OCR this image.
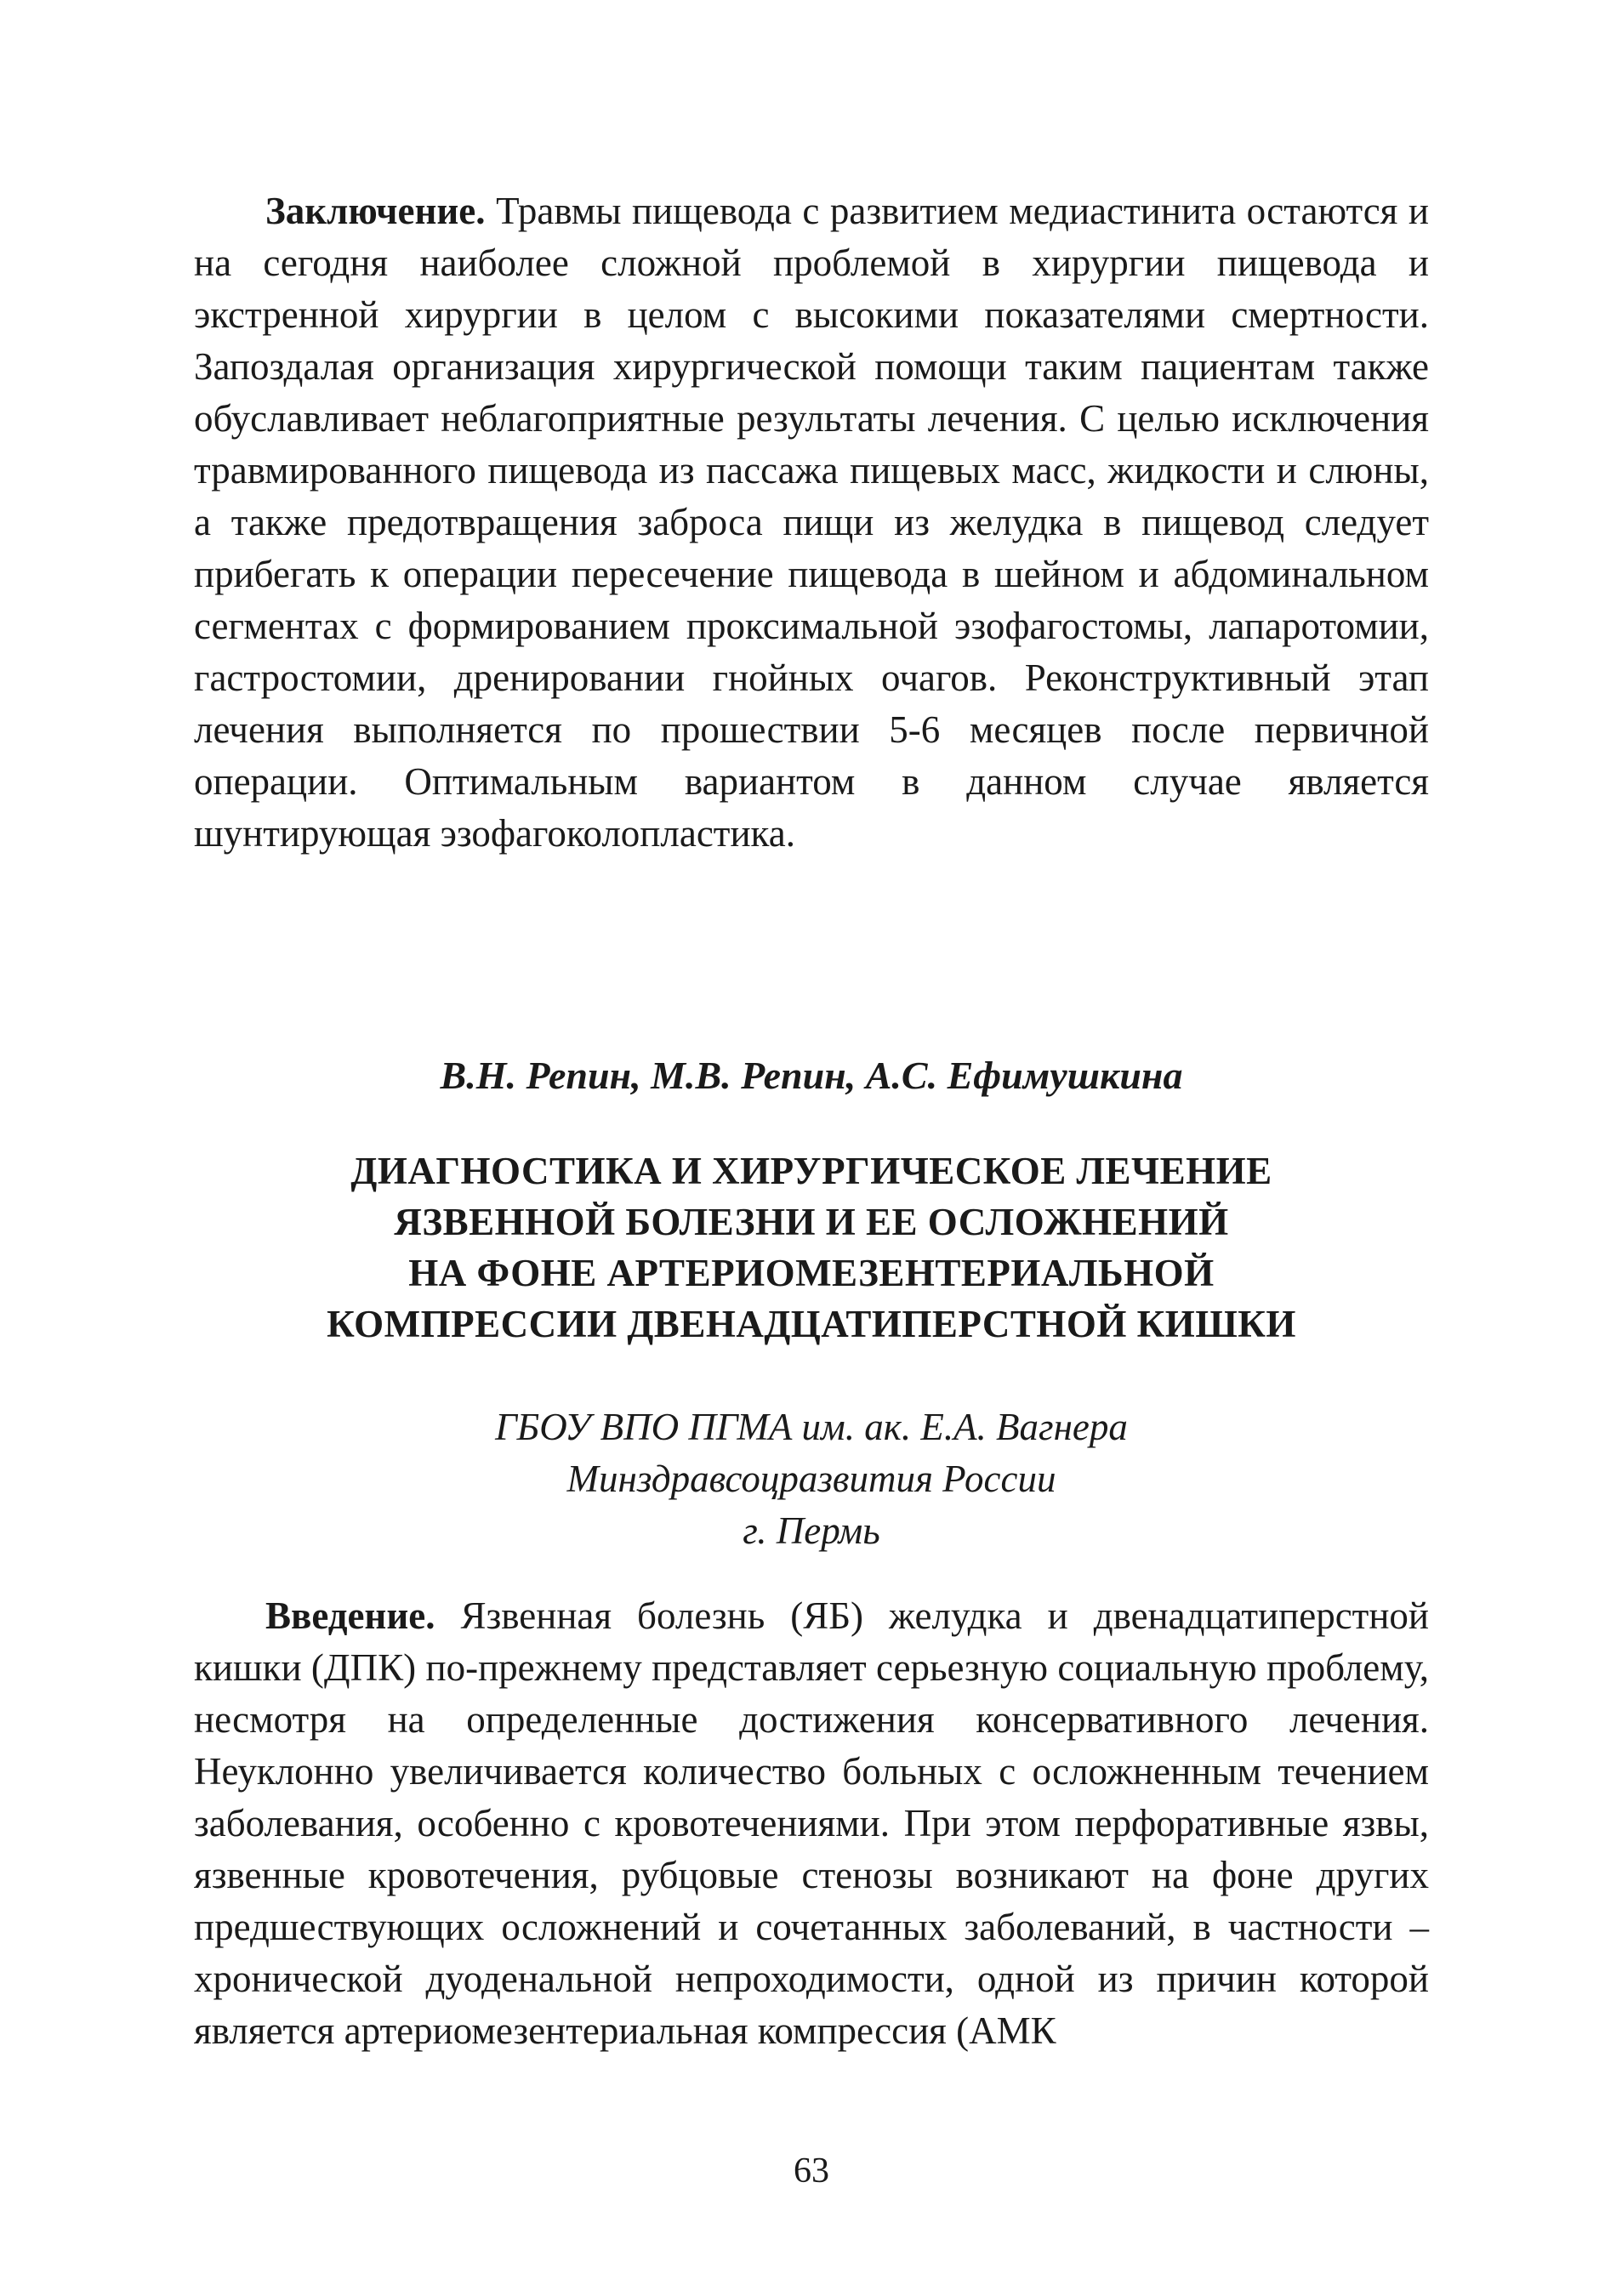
Заключение. Травмы пищевода с развитием медиастинита остаются и на сегодня наиболее сложной проблемой в хирургии пищевода и экстренной хирургии в целом с высокими показателями смертности. Запоздалая организация хирургической помощи таким пациентам также обуславливает неблагоприятные результаты лечения. С целью исключения травмированного пищевода из пассажа пищевых масс, жидкости и слюны, а также предотвращения заброса пищи из желудка в пищевод следует прибегать к операции пересечение пищевода в шейном и абдоминальном сегментах с формированием проксимальной эзофагостомы, лапаротомии, гастростомии, дренировании гнойных очагов. Реконструктивный этап лечения выполняется по прошествии 5-6 месяцев после первичной операции. Оптимальным вариантом в данном случае является шунтирующая эзофагоколопластика.

В.Н. Репин, М.В. Репин, А.С. Ефимушкина
ДИАГНОСТИКА И ХИРУРГИЧЕСКОЕ ЛЕЧЕНИЕ
ЯЗВЕННОЙ БОЛЕЗНИ И ЕЕ ОСЛОЖНЕНИЙ
НА ФОНЕ АРТЕРИОМЕЗЕНТЕРИАЛЬНОЙ
КОМПРЕССИИ ДВЕНАДЦАТИПЕРСТНОЙ КИШКИ
ГБОУ ВПО ПГМА им. ак. Е.А. Вагнера
Минздравсоцразвития России
г. Пермь

Введение. Язвенная болезнь (ЯБ) желудка и двенадцатиперстной кишки (ДПК) по-прежнему представляет серьезную социальную проблему, несмотря на определенные достижения консервативного лечения. Неуклонно увеличивается количество больных с осложненным течением заболевания, особенно с кровотечениями. При этом перфоративные язвы, язвенные кровотечения, рубцовые стенозы возникают на фоне других предшествующих осложнений и сочетанных заболеваний, в частности – хронической дуоденальной непроходимости, одной из причин которой является артериомезентериальная компрессия (АМК

63
